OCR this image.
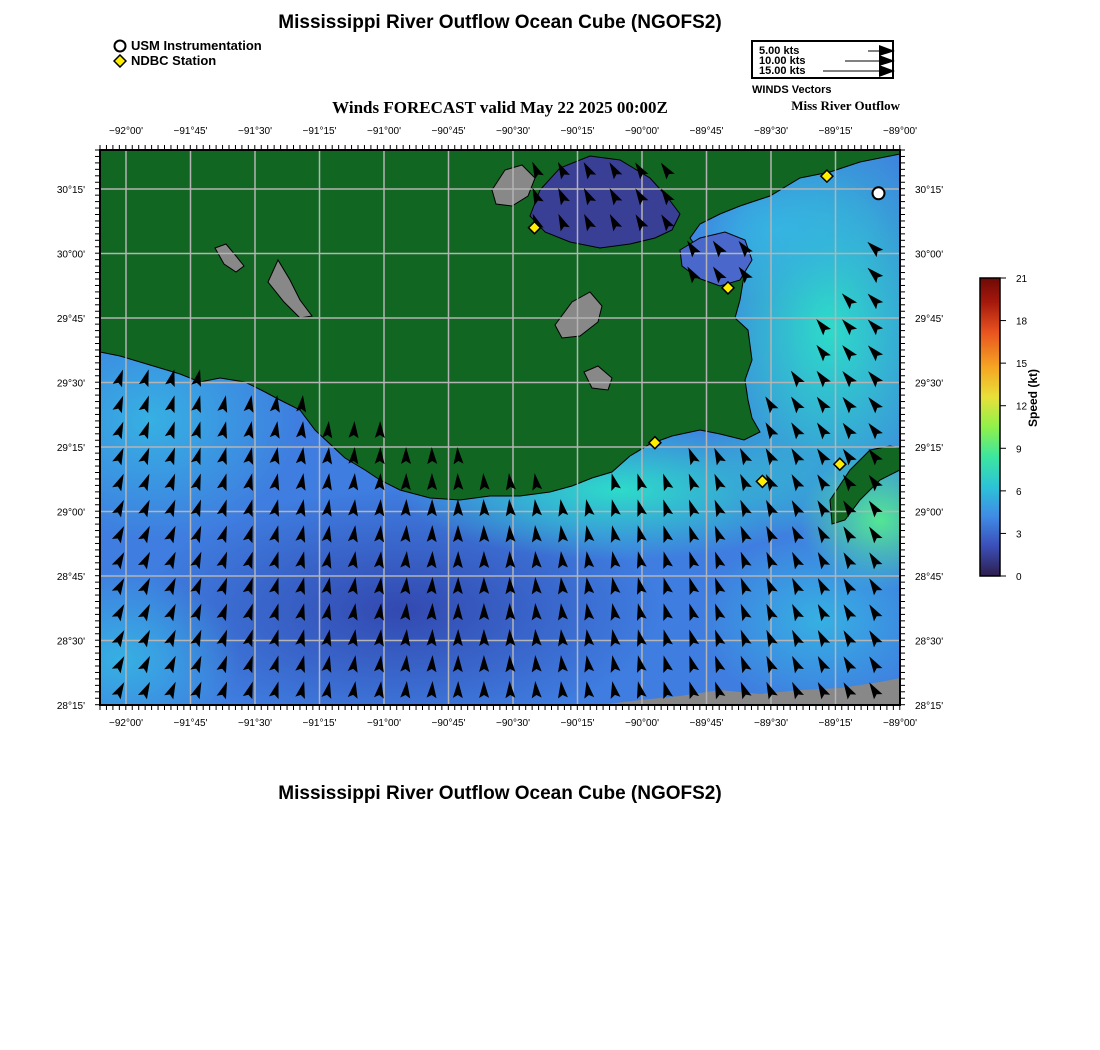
Mississippi River Outflow Ocean Cube (NGOFS2)
USM Instrumentation
NDBC Station
5.00 kts
10.00 kts
15.00 kts
WINDS Vectors
Winds FORECAST valid May 22 2025 00:00Z	Miss River Outflow
−92°00'
−92°00'
−91°45'
−91°45'
−91°30'
−91°30'
−91°15'
−91°15'
−91°00'
−91°00'
−90°45'
−90°45'
−90°30'
−90°30'
−90°15'
−90°15'
−90°00'
−90°00'
−89°45'
−89°45'
−89°30'
−89°30'
−89°15'
−89°15'
−89°00'
−89°00'
30°15'	30°15'
30°00'	30°00'
29°45'	29°45'
29°30'	29°30'
29°15'	29°15'
29°00'	29°00'
28°45'	28°45'
28°30'	28°30'
28°15'	28°15'
21
18
15
12
9
6
3
0
Speed (kt)
Mississippi River Outflow Ocean Cube (NGOFS2)
